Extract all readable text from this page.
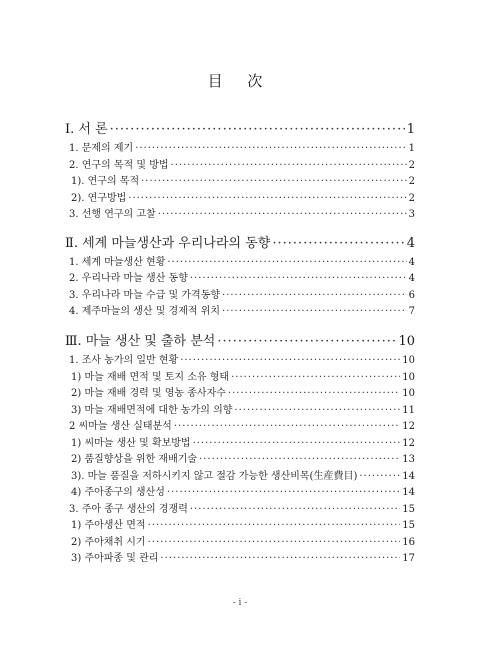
目 次
Ⅰ. 서 론 ·····	1
1. 문제의 제기 ·····	1
2. 연구의 목적 및 방법 ·····	2
1). 연구의 목적 ·····	2
2). 연구방법 ·····	2
3. 선행 연구의 고찰 ·····	3
Ⅱ. 세계 마늘생산과 우리나라의 동향 ·····	4
1. 세계 마늘생산 현황 ·····	4
2. 우리나라 마늘 생산 동향 ·····	4
3. 우리나라 마늘 수급 및 가격동향 ·····	6
4. 제주마늘의 생산 및 경제적 위치 ·····	7
Ⅲ. 마늘 생산 및 출하 분석 ·····	10
1. 조사 농가의 일반 현황 ·····	10
1) 마늘 재배 면적 및 토지 소유 형태 ·····	10
2) 마늘 재배 경력 및 영농 종사자수 ·····	10
3) 마늘 재배면적에 대한 농가의 의향 ·····	11
2 씨마늘 생산 실태분석 ·····	12
1) 씨마늘 생산 및 확보방법 ·····	12
2) 품질향상을 위한 재배기술 ·····	13
3). 마늘 품질을 저하시키지 않고 절감 가능한 생산비목(生産費目) ·····	14
4) 주아종구의 생산성 ·····	14
3. 주아 종구 생산의 경쟁력 ·····	15
1) 주아생산 면적 ·····	15
2) 주아채취 시기 ·····	16
3) 주아파종 및 관리 ·····	17
- i -
